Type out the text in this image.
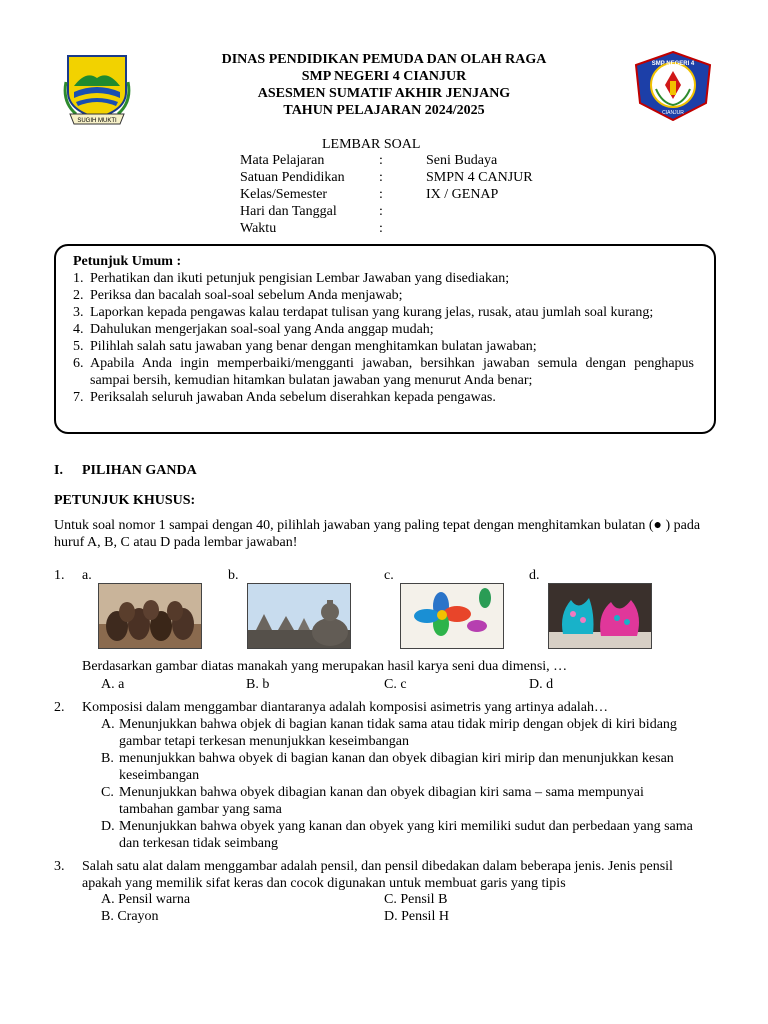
SUGIH MUKTI
DINAS PENDIDIKAN PEMUDA DAN OLAH RAGA
SMP NEGERI 4 CIANJUR
ASESMEN SUMATIF AKHIR JENJANG
TAHUN PELAJARAN 2024/2025
SMP NEGERI 4
CIANJUR
LEMBAR SOAL
Mata Pelajaran	:	Seni Budaya
Satuan Pendidikan :	SMPN 4 CANJUR
Kelas/Semester	:	IX / GENAP
Hari dan Tanggal	:
Waktu	:
Petunjuk Umum :
1. Perhatikan dan ikuti petunjuk pengisian Lembar Jawaban yang disediakan;
2. Periksa dan bacalah soal-soal sebelum Anda menjawab;
3. Laporkan kepada pengawas kalau terdapat tulisan yang kurang jelas, rusak, atau jumlah soal kurang;
4. Dahulukan mengerjakan soal-soal yang Anda anggap mudah;
5. Pilihlah salah satu jawaban yang benar dengan menghitamkan bulatan jawaban;
6. Apabila Anda ingin memperbaiki/mengganti jawaban, bersihkan jawaban semula dengan penghapus sampai bersih, kemudian hitamkan bulatan jawaban yang menurut Anda benar;
7. Periksalah seluruh jawaban Anda sebelum diserahkan kepada pengawas.
I. PILIHAN GANDA
PETUNJUK KHUSUS:
Untuk soal nomor 1 sampai dengan 40, pilihlah jawaban yang paling tepat dengan menghitamkan bulatan (● ) pada huruf A, B, C atau D pada lembar jawaban!
1. a.	b.	c.	d.
Berdasarkan gambar diatas manakah yang merupakan hasil karya seni dua dimensi, …
A. a	B. b	C. c	D. d
2. Komposisi dalam menggambar diantaranya adalah komposisi asimetris yang artinya adalah…
A. Menunjukkan bahwa objek di bagian kanan tidak sama atau tidak mirip dengan objek di kiri bidang gambar tetapi terkesan menunjukkan keseimbangan
B. menunjukkan bahwa obyek di bagian kanan dan obyek dibagian kiri mirip dan menunjukkan kesan keseimbangan
C. Menunjukkan bahwa obyek dibagian kanan dan obyek dibagian kiri sama – sama mempunyai tambahan gambar yang sama
D. Menunjukkan bahwa obyek yang kanan dan obyek yang kiri memiliki sudut dan perbedaan yang sama dan terkesan tidak seimbang
3. Salah satu alat dalam menggambar adalah pensil, dan pensil dibedakan dalam beberapa jenis. Jenis pensil apakah yang memilik sifat keras dan cocok digunakan untuk membuat garis yang tipis
A. Pensil warna	C. Pensil B
B. Crayon	D. Pensil H
